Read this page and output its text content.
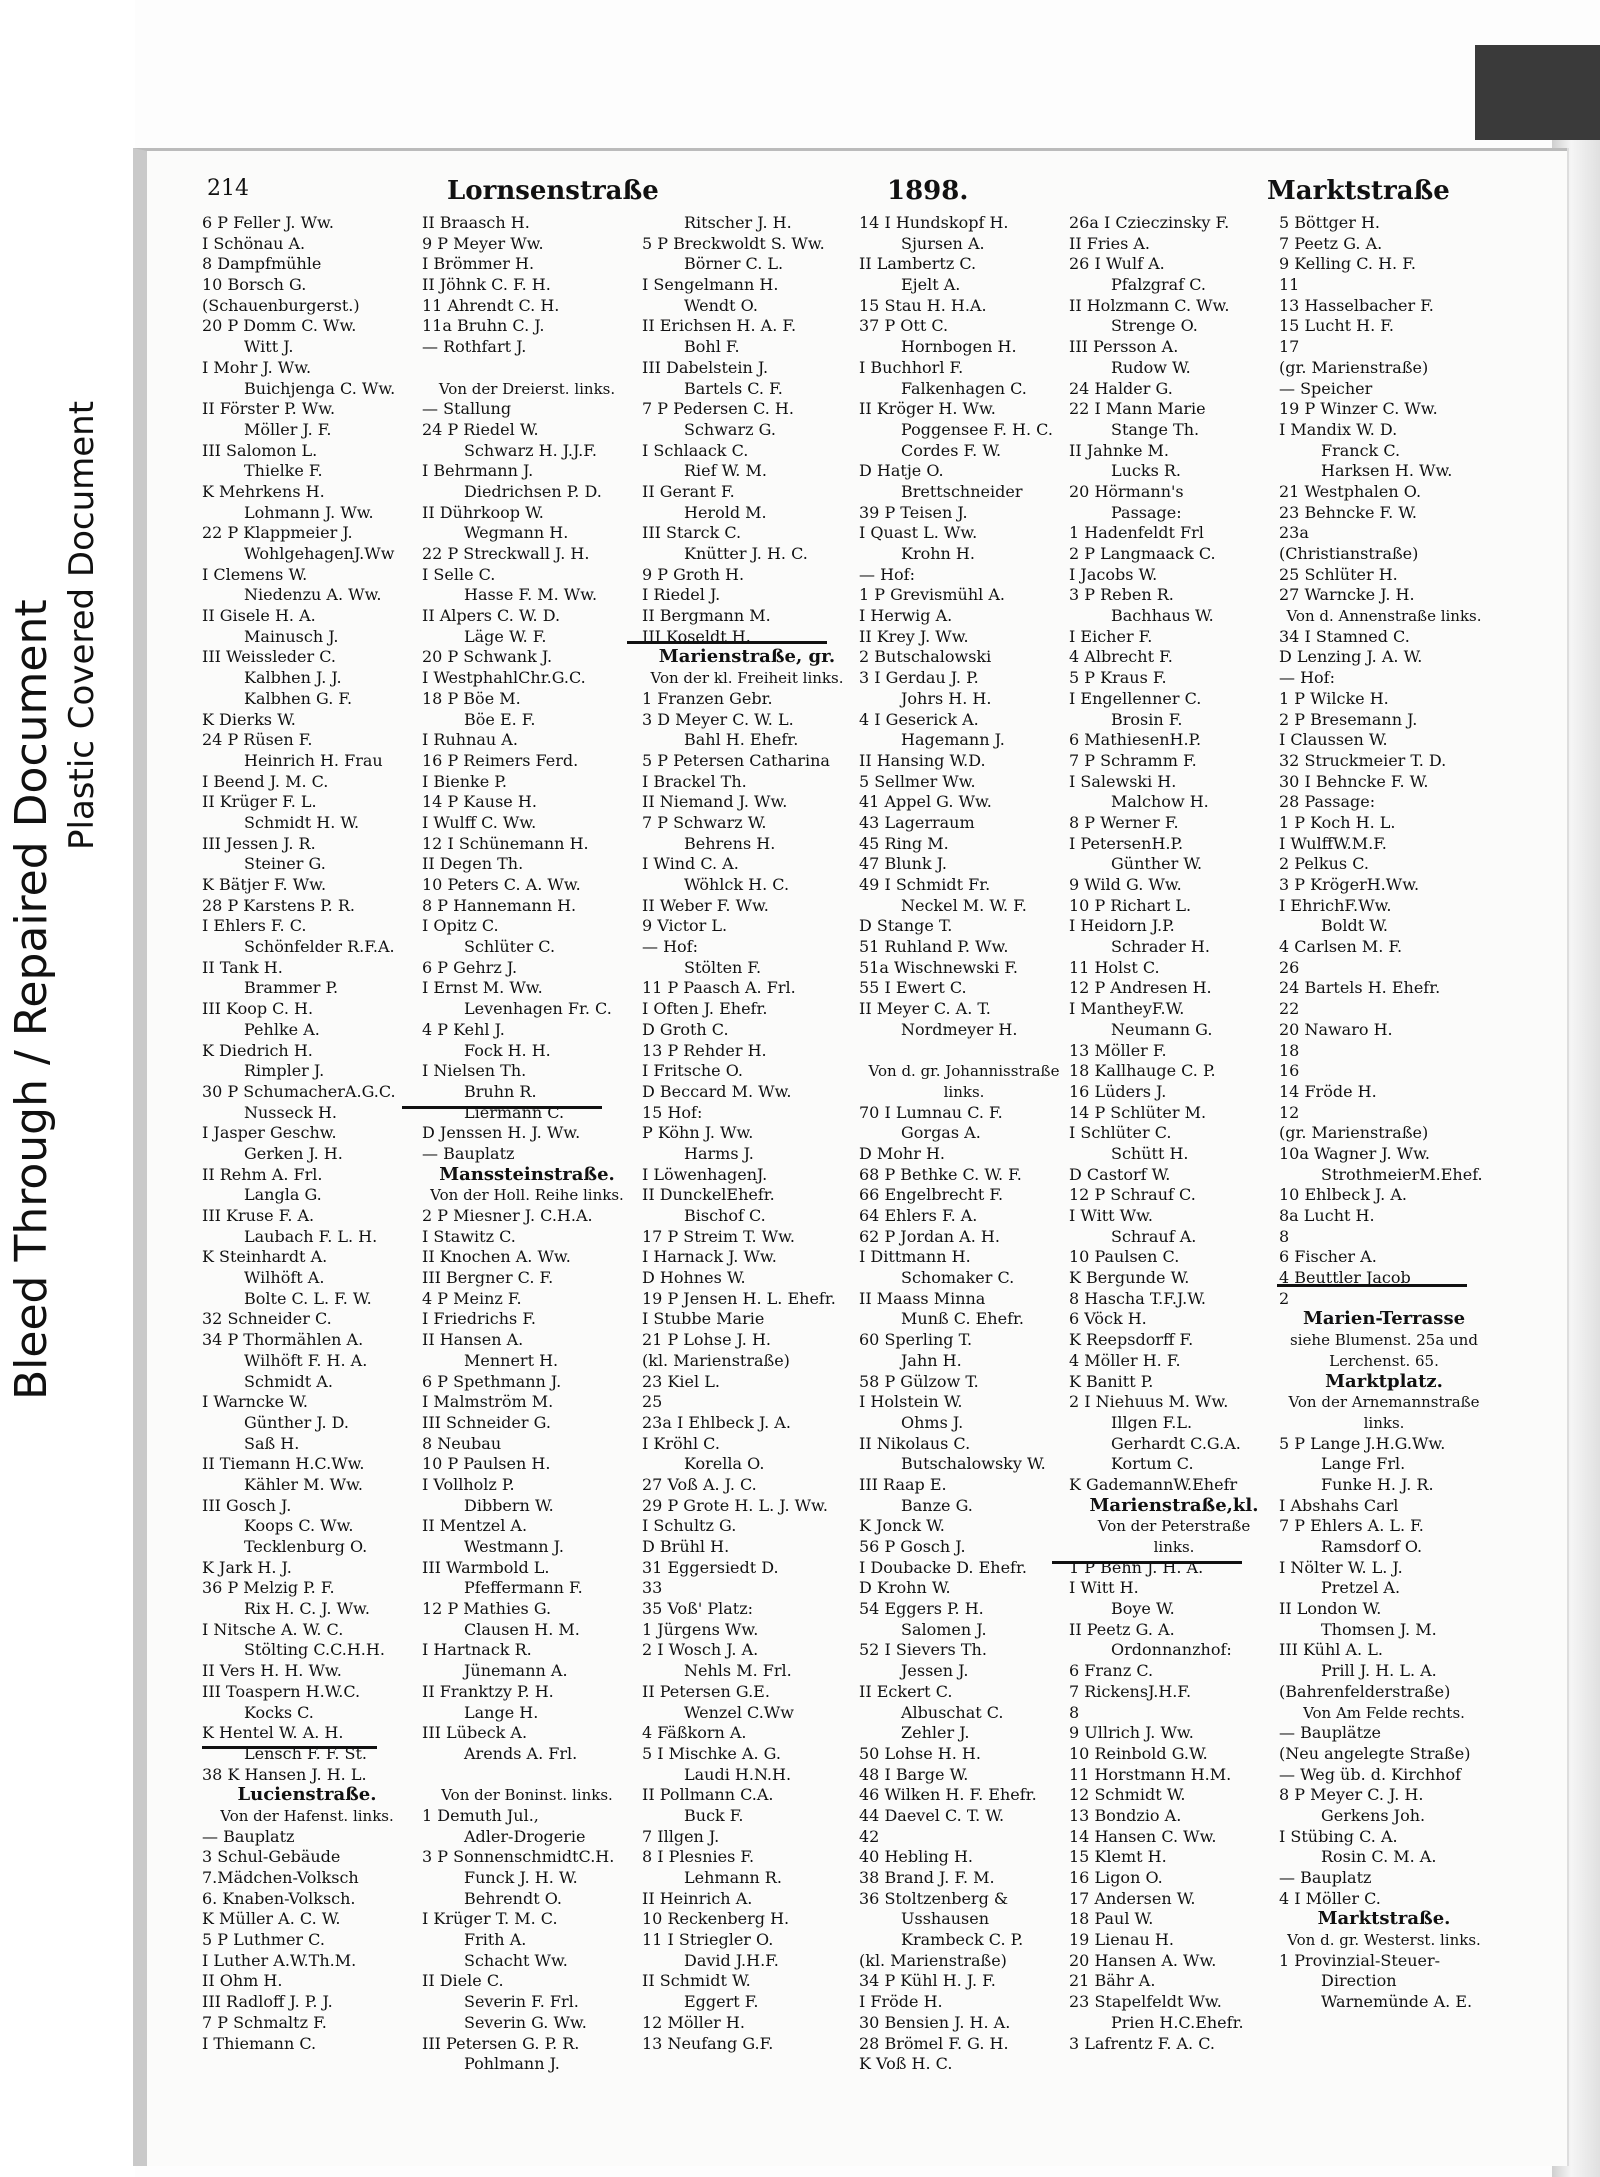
Bleed Through / Repaired Document Plastic Covered Document
214	Lornsenstraße	1898.	Marktstraße
6 P Feller J. Ww.
I Schönau A.
8 Dampfmühle
10 Borsch G.
(Schauenburgerst.)
20 P Domm C. Ww.
Witt J.
I Mohr J. Ww.
Buichjenga C. Ww.
II Förster P. Ww.
Möller J. F.
III Salomon L.
Thielke F.
K Mehrkens H.
Lohmann J. Ww.
22 P Klappmeier J.
WohlgehagenJ.Ww
I Clemens W.
Niedenzu A. Ww.
II Gisele H. A.
Mainusch J.
III Weissleder C.
Kalbhen J. J.
Kalbhen G. F.
K Dierks W.
24 P Rüsen F.
Heinrich H. Frau
I Beend J. M. C.
II Krüger F. L.
Schmidt H. W.
III Jessen J. R.
Steiner G.
K Bätjer F. Ww.
28 P Karstens P. R.
I Ehlers F. C.
Schönfelder R.F.A.
II Tank H.
Brammer P.
III Koop C. H.
Pehlke A.
K Diedrich H.
Rimpler J.
30 P SchumacherA.G.C.
Nusseck H.
I Jasper Geschw.
Gerken J. H.
II Rehm A. Frl.
Langla G.
III Kruse F. A.
Laubach F. L. H.
K Steinhardt A.
Wilhöft A.
Bolte C. L. F. W.
32 Schneider C.
34 P Thormählen A.
Wilhöft F. H. A.
Schmidt A.
I Warncke W.
Günther J. D.
Saß H.
II Tiemann H.C.Ww.
Kähler M. Ww.
III Gosch J.
Koops C. Ww.
Tecklenburg O.
K Jark H. J.
36 P Melzig P. F.
Rix H. C. J. Ww.
I Nitsche A. W. C.
Stölting C.C.H.H.
II Vers H. H. Ww.
III Toaspern H.W.C.
Kocks C.
K Hentel W. A. H.
Lensch F. F. St.
38 K Hansen J. H. L.
Lucienstraße.
Von der Hafenst. links.
— Bauplatz
3 Schul-Gebäude
7.Mädchen-Volksch
6. Knaben-Volksch.
K Müller A. C. W.
5 P Luthmer C.
I Luther A.W.Th.M.
II Ohm H.
III Radloff J. P. J.
7 P Schmaltz F.
I Thiemann C.
II Braasch H.
9 P Meyer Ww.
I Brömmer H.
II Jöhnk C. F. H.
11 Ahrendt C. H.
11a Bruhn C. J.
— Rothfart J.
Von der Dreierst. links.
— Stallung
24 P Riedel W.
Schwarz H. J.J.F.
I Behrmann J.
Diedrichsen P. D.
II Dührkoop W.
Wegmann H.
22 P Streckwall J. H.
I Selle C.
Hasse F. M. Ww.
II Alpers C. W. D.
Läge W. F.
20 P Schwank J.
I WestphahlChr.G.C.
18 P Böe M.
Böe E. F.
I Ruhnau A.
16 P Reimers Ferd.
I Bienke P.
14 P Kause H.
I Wulff C. Ww.
12 I Schünemann H.
II Degen Th.
10 Peters C. A. Ww.
8 P Hannemann H.
I Opitz C.
Schlüter C.
6 P Gehrz J.
I Ernst M. Ww.
Levenhagen Fr. C.
4 P Kehl J.
Fock H. H.
I Nielsen Th.
Bruhn R.
Liermann C.
D Jenssen H. J. Ww.
— Bauplatz
Manssteinstraße.
Von der Holl. Reihe links.
2 P Miesner J. C.H.A.
I Stawitz C.
II Knochen A. Ww.
III Bergner C. F.
4 P Meinz F.
I Friedrichs F.
II Hansen A.
Mennert H.
6 P Spethmann J.
I Malmström M.
III Schneider G.
8 Neubau
10 P Paulsen H.
I Vollholz P.
Dibbern W.
II Mentzel A.
Westmann J.
III Warmbold L.
Pfeffermann F.
12 P Mathies G.
Clausen H. M.
I Hartnack R.
Jünemann A.
II Franktzy P. H.
Lange H.
III Lübeck A.
Arends A. Frl.
Von der Boninst. links.
1 Demuth Jul.,
Adler-Drogerie
3 P SonnenschmidtC.H.
Funck J. H. W.
Behrendt O.
I Krüger T. M. C.
Frith A.
Schacht Ww.
II Diele C.
Severin F. Frl.
Severin G. Ww.
III Petersen G. P. R.
Pohlmann J.
Ritscher J. H.
5 P Breckwoldt S. Ww.
Börner C. L.
I Sengelmann H.
Wendt O.
II Erichsen H. A. F.
Bohl F.
III Dabelstein J.
Bartels C. F.
7 P Pedersen C. H.
Schwarz G.
I Schlaack C.
Rief W. M.
II Gerant F.
Herold M.
III Starck C.
Knütter J. H. C.
9 P Groth H.
I Riedel J.
II Bergmann M.
III Koseldt H.
Marienstraße, gr.
Von der kl. Freiheit links.
1 Franzen Gebr.
3 D Meyer C. W. L.
Bahl H. Ehefr.
5 P Petersen Catharina
I Brackel Th.
II Niemand J. Ww.
7 P Schwarz W.
Behrens H.
I Wind C. A.
Wöhlck H. C.
II Weber F. Ww.
9 Victor L.
— Hof:
Stölten F.
11 P Paasch A. Frl.
I Often J. Ehefr.
D Groth C.
13 P Rehder H.
I Fritsche O.
D Beccard M. Ww.
15 Hof:
P Köhn J. Ww.
Harms J.
I LöwenhagenJ.
II DunckelEhefr.
Bischof C.
17 P Streim T. Ww.
I Harnack J. Ww.
D Hohnes W.
19 P Jensen H. L. Ehefr.
I Stubbe Marie
21 P Lohse J. H.
(kl. Marienstraße)
23 Kiel L.
25
23a I Ehlbeck J. A.
I Kröhl C.
Korella O.
27 Voß A. J. C.
29 P Grote H. L. J. Ww.
I Schultz G.
D Brühl H.
31 Eggersiedt D.
33
35 Voß' Platz:
1 Jürgens Ww.
2 I Wosch J. A.
Nehls M. Frl.
II Petersen G.E.
Wenzel C.Ww
4 Fäßkorn A.
5 I Mischke A. G.
Laudi H.N.H.
II Pollmann C.A.
Buck F.
7 Illgen J.
8 I Plesnies F.
Lehmann R.
II Heinrich A.
10 Reckenberg H.
11 I Striegler O.
David J.H.F.
II Schmidt W.
Eggert F.
12 Möller H.
13 Neufang G.F.
14 I Hundskopf H.
Sjursen A.
II Lambertz C.
Ejelt A.
15 Stau H. H.A.
37 P Ott C.
Hornbogen H.
I Buchhorl F.
Falkenhagen C.
II Kröger H. Ww.
Poggensee F. H. C.
Cordes F. W.
D Hatje O.
Brettschneider
39 P Teisen J.
I Quast L. Ww.
Krohn H.
— Hof:
1 P Grevismühl A.
I Herwig A.
II Krey J. Ww.
2 Butschalowski
3 I Gerdau J. P.
Johrs H. H.
4 I Geserick A.
Hagemann J.
II Hansing W.D.
5 Sellmer Ww.
41 Appel G. Ww.
43 Lagerraum
45 Ring M.
47 Blunk J.
49 I Schmidt Fr.
Neckel M. W. F.
D Stange T.
51 Ruhland P. Ww.
51a Wischnewski F.
55 I Ewert C.
II Meyer C. A. T.
Nordmeyer H.
Von d. gr. Johannisstraße
links.
70 I Lumnau C. F.
Gorgas A.
D Mohr H.
68 P Bethke C. W. F.
66 Engelbrecht F.
64 Ehlers F. A.
62 P Jordan A. H.
I Dittmann H.
Schomaker C.
II Maass Minna
Munß C. Ehefr.
60 Sperling T.
Jahn H.
58 P Gülzow T.
I Holstein W.
Ohms J.
II Nikolaus C.
Butschalowsky W.
III Raap E.
Banze G.
K Jonck W.
56 P Gosch J.
I Doubacke D. Ehefr.
D Krohn W.
54 Eggers P. H.
Salomen J.
52 I Sievers Th.
Jessen J.
II Eckert C.
Albuschat C.
Zehler J.
50 Lohse H. H.
48 I Barge W.
46 Wilken H. F. Ehefr.
44 Daevel C. T. W.
42
40 Hebling H.
38 Brand J. F. M.
36 Stoltzenberg &
Usshausen
Krambeck C. P.
(kl. Marienstraße)
34 P Kühl H. J. F.
I Fröde H.
30 Bensien J. H. A.
28 Brömel F. G. H.
K Voß H. C.
26a I Czieczinsky F.
II Fries A.
26 I Wulf A.
Pfalzgraf C.
II Holzmann C. Ww.
Strenge O.
III Persson A.
Rudow W.
24 Halder G.
22 I Mann Marie
Stange Th.
II Jahnke M.
Lucks R.
20 Hörmann's
Passage:
1 Hadenfeldt Frl
2 P Langmaack C.
I Jacobs W.
3 P Reben R.
Bachhaus W.
I Eicher F.
4 Albrecht F.
5 P Kraus F.
I Engellenner C.
Brosin F.
6 MathiesenH.P.
7 P Schramm F.
I Salewski H.
Malchow H.
8 P Werner F.
I PetersenH.P.
Günther W.
9 Wild G. Ww.
10 P Richart L.
I Heidorn J.P.
Schrader H.
11 Holst C.
12 P Andresen H.
I MantheyF.W.
Neumann G.
13 Möller F.
18 Kallhauge C. P.
16 Lüders J.
14 P Schlüter M.
I Schlüter C.
Schütt H.
D Castorf W.
12 P Schrauf C.
I Witt Ww.
Schrauf A.
10 Paulsen C.
K Bergunde W.
8 Hascha T.F.J.W.
6 Vöck H.
K Reepsdorff F.
4 Möller H. F.
K Banitt P.
2 I Niehuus M. Ww.
Illgen F.L.
Gerhardt C.G.A.
Kortum C.
K GademannW.Ehefr
Marienstraße,kl.
Von der Peterstraße
links.
1 P Behn J. H. A.
I Witt H.
Boye W.
II Peetz G. A.
Ordonnanzhof:
6 Franz C.
7 RickensJ.H.F.
8
9 Ullrich J. Ww.
10 Reinbold G.W.
11 Horstmann H.M.
12 Schmidt W.
13 Bondzio A.
14 Hansen C. Ww.
15 Klemt H.
16 Ligon O.
17 Andersen W.
18 Paul W.
19 Lienau H.
20 Hansen A. Ww.
21 Bähr A.
23 Stapelfeldt Ww.
Prien H.C.Ehefr.
3 Lafrentz F. A. C.
5 Böttger H.
7 Peetz G. A.
9 Kelling C. H. F.
11
13 Hasselbacher F.
15 Lucht H. F.
17
(gr. Marienstraße)
— Speicher
19 P Winzer C. Ww.
I Mandix W. D.
Franck C.
Harksen H. Ww.
21 Westphalen O.
23 Behncke F. W.
23a
(Christianstraße)
25 Schlüter H.
27 Warncke J. H.
Von d. Annenstraße links.
34 I Stamned C.
D Lenzing J. A. W.
— Hof:
1 P Wilcke H.
2 P Bresemann J.
I Claussen W.
32 Struckmeier T. D.
30 I Behncke F. W.
28 Passage:
1 P Koch H. L.
I WulffW.M.F.
2 Pelkus C.
3 P KrögerH.Ww.
I EhrichF.Ww.
Boldt W.
4 Carlsen M. F.
26
24 Bartels H. Ehefr.
22
20 Nawaro H.
18
16
14 Fröde H.
12
(gr. Marienstraße)
10a Wagner J. Ww.
StrothmeierM.Ehef.
10 Ehlbeck J. A.
8a Lucht H.
8
6 Fischer A.
4 Beuttler Jacob
2
Marien-Terrasse
siehe Blumenst. 25a und
Lerchenst. 65.
Marktplatz.
Von der Arnemannstraße
links.
5 P Lange J.H.G.Ww.
Lange Frl.
Funke H. J. R.
I Abshahs Carl
7 P Ehlers A. L. F.
Ramsdorf O.
I Nölter W. L. J.
Pretzel A.
II London W.
Thomsen J. M.
III Kühl A. L.
Prill J. H. L. A.
(Bahrenfelderstraße)
Von Am Felde rechts.
— Bauplätze
(Neu angelegte Straße)
— Weg üb. d. Kirchhof
8 P Meyer C. J. H.
Gerkens Joh.
I Stübing C. A.
Rosin C. M. A.
— Bauplatz
4 I Möller C.
Marktstraße.
Von d. gr. Westerst. links.
1 Provinzial-Steuer-
Direction
Warnemünde A. E.
